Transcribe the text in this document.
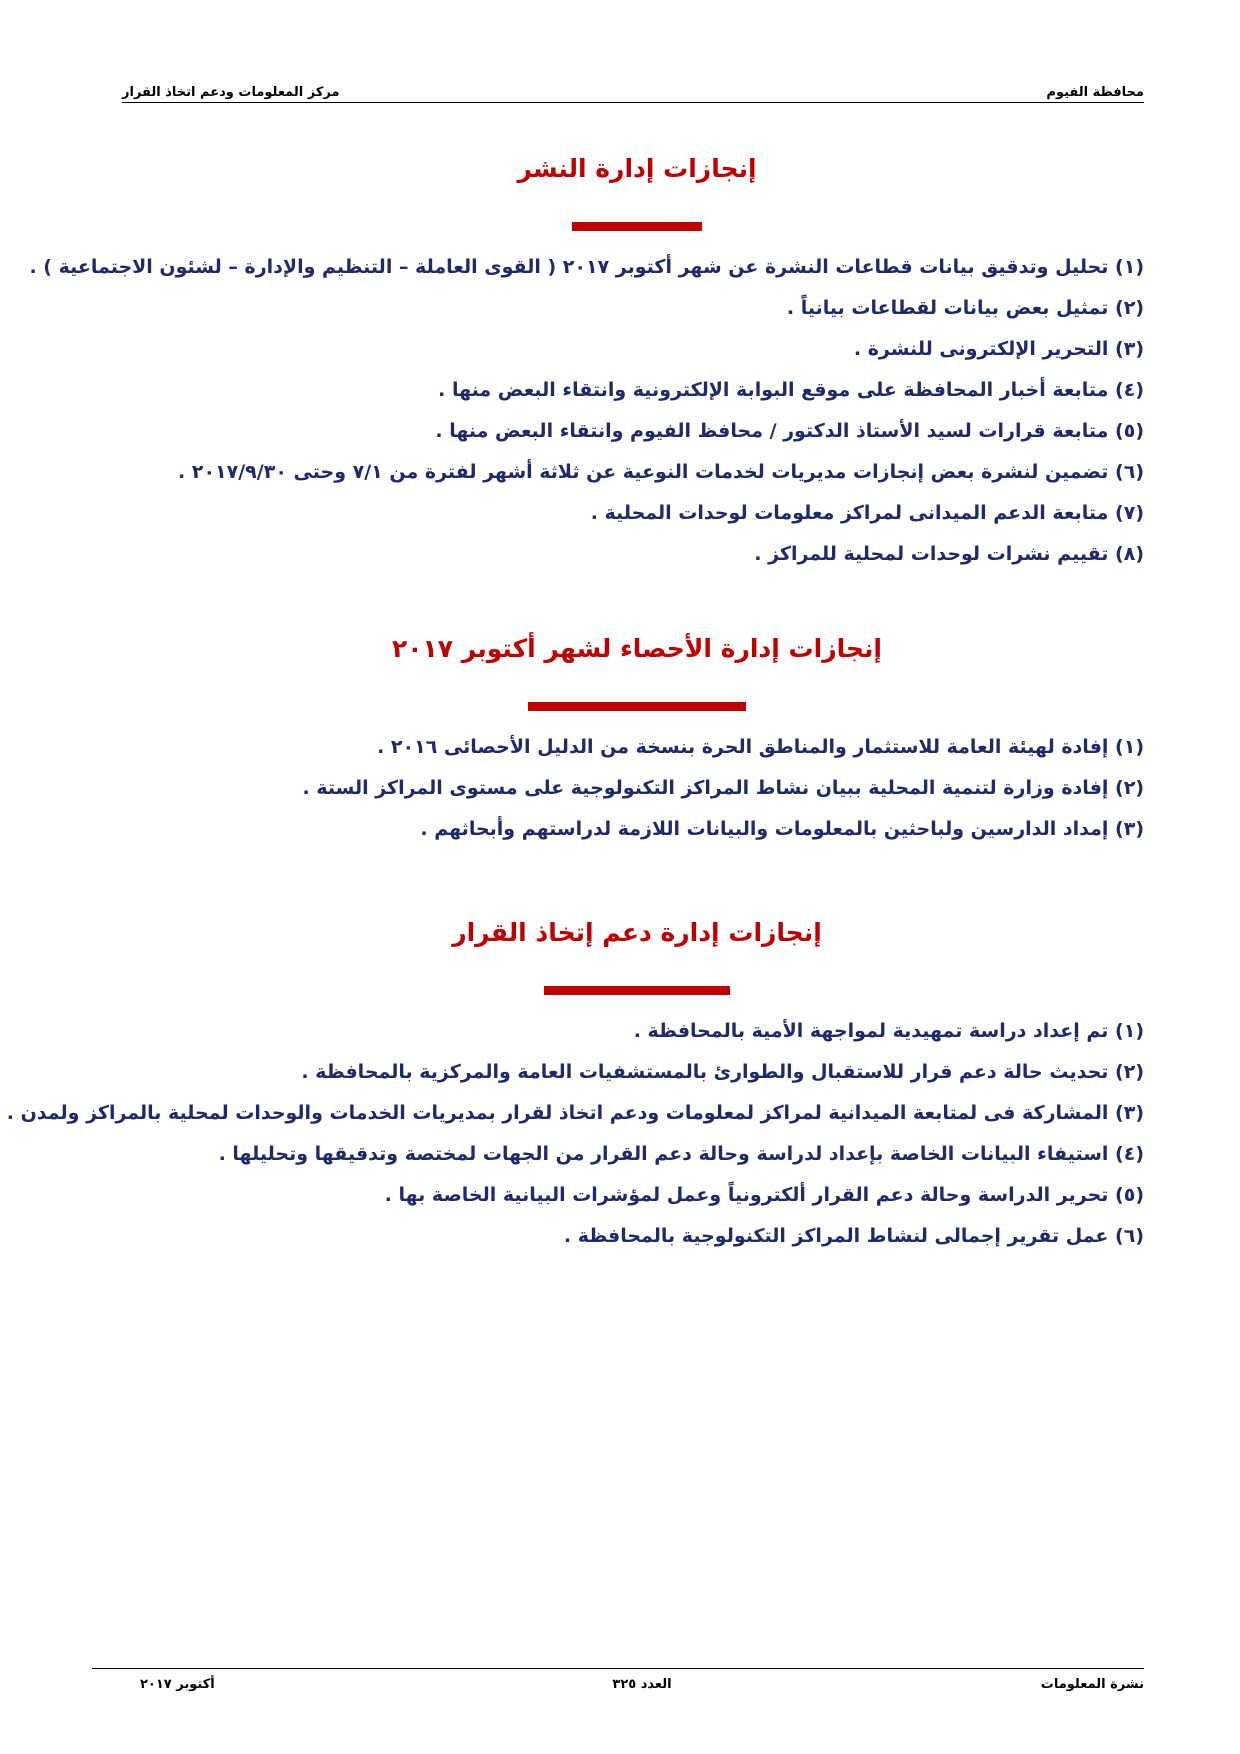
محافظة الفيوم
مركز المعلومات ودعم اتخاذ القرار
إنجازات إدارة النشر
(١) تحليل وتدقيق بيانات قطاعات النشرة عن شهر أكتوبر ٢٠١٧ ( القوى العاملة – التنظيم والإدارة – لشئون الاجتماعية ) .
(٢) تمثيل بعض بيانات لقطاعات بيانياً .
(٣) التحرير الإلكترونى للنشرة .
(٤) متابعة أخبار المحافظة على موقع البوابة الإلكترونية وانتقاء البعض منها .
(٥) متابعة قرارات لسيد الأستاذ الدكتور / محافظ الفيوم وانتقاء البعض منها .
(٦) تضمين لنشرة بعض إنجازات مديريات لخدمات النوعية عن ثلاثة أشهر لفترة من ٧/١ وحتى ٢٠١٧/٩/٣٠ .
(٧) متابعة الدعم الميدانى لمراكز معلومات لوحدات المحلية .
(٨) تقييم نشرات لوحدات لمحلية للمراكز .
إنجازات إدارة الأحصاء لشهر أكتوبر ٢٠١٧
(١) إفادة لهيئة العامة للاستثمار والمناطق الحرة بنسخة من الدليل الأحصائى ٢٠١٦ .
(٢) إفادة وزارة لتنمية المحلية ببيان نشاط المراكز التكنولوجية على مستوى المراكز الستة .
(٣) إمداد الدارسين ولباحثين بالمعلومات والبيانات اللازمة لدراستهم وأبحاثهم .
إنجازات إدارة دعم إتخاذ القرار
(١) تم إعداد دراسة تمهيدية لمواجهة الأمية بالمحافظة .
(٢) تحديث حالة دعم قرار للاستقبال والطوارئ بالمستشفيات العامة والمركزية بالمحافظة .
(٣) المشاركة فى لمتابعة الميدانية لمراكز لمعلومات ودعم اتخاذ لقرار بمديريات الخدمات والوحدات لمحلية بالمراكز ولمدن .
(٤) استيفاء البيانات الخاصة بإعداد لدراسة وحالة دعم القرار من الجهات لمختصة وتدقيقها وتحليلها .
(٥) تحرير الدراسة وحالة دعم القرار ألكترونياً وعمل لمؤشرات البيانية الخاصة بها .
(٦) عمل تقرير إجمالى لنشاط المراكز التكنولوجية بالمحافظة .
نشرة المعلومات
العدد ٣٢٥
أكتوبر ٢٠١٧
